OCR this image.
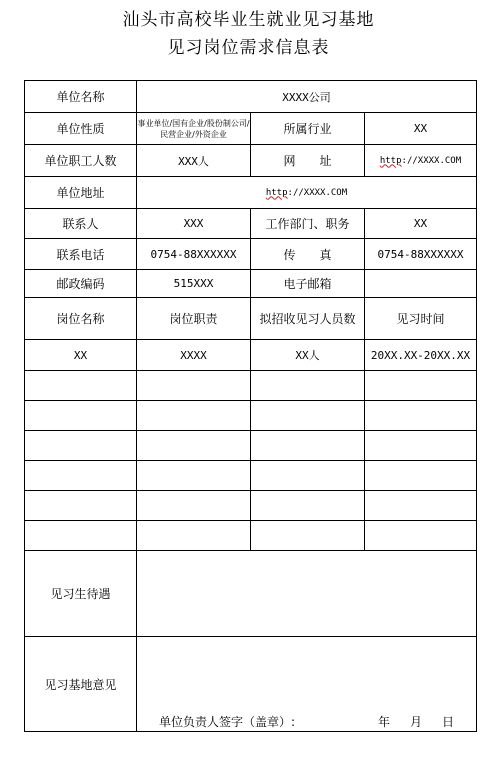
汕头市高校毕业生就业见习基地
见习岗位需求信息表
单位名称	XXXX公司		
单位性质	事业单位/国有企业/股份制公司/民营企业/外资企业	所属行业	XX
单位职工人数	XXX人	网　　址	http://XXXX.COM
单位地址	http://XXXX.COM		
联系人	XXX	工作部门、职务	XX
联系电话	0754-88XXXXXX	传　　真	0754-88XXXXXX
邮政编码	515XXX	电子邮箱	
岗位名称	岗位职责	拟招收见习人员数	见习时间
XX	XXXX	XX人	20XX.XX-20XX.XX

见习生待遇			
见习基地意见			
单位负责人签字（盖章）:	年 月 日
